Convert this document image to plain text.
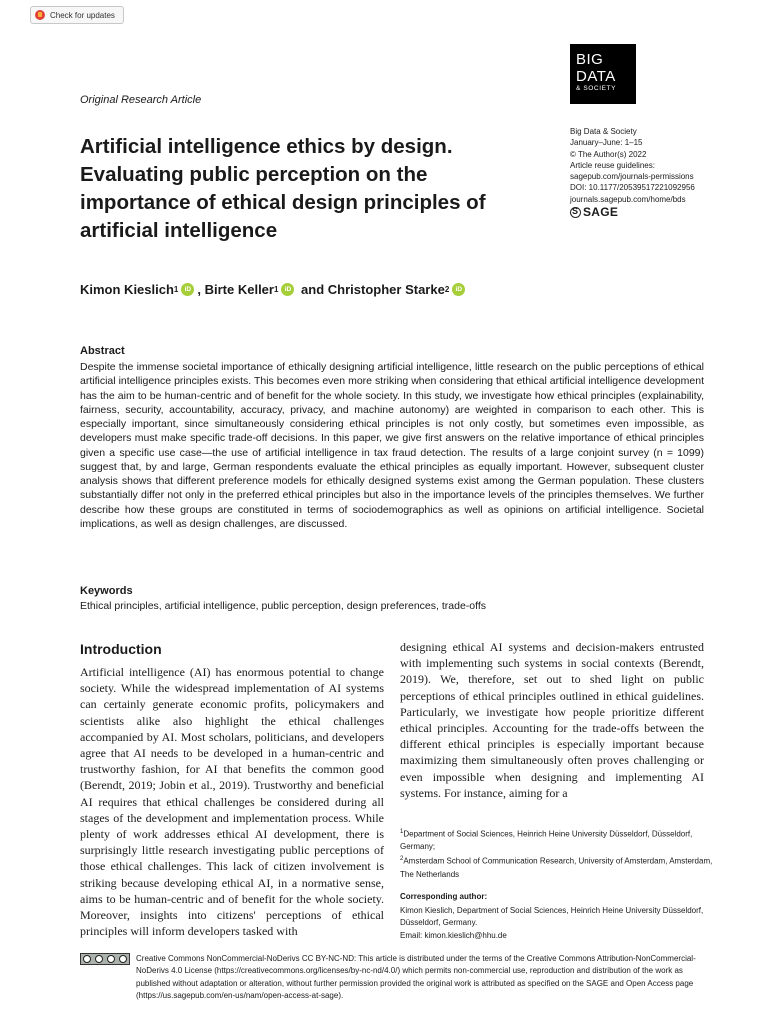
Check for updates
BIG
DATA
& SOCIETY
Original Research Article
Big Data & Society
January–June: 1–15
© The Author(s) 2022
Article reuse guidelines:
sagepub.com/journals-permissions
DOI: 10.1177/20539517221092956
journals.sagepub.com/home/bds
S
SAGE
Artificial intelligence ethics by design. Evaluating public perception on the importance of ethical design principles of artificial intelligence
Kimon Kieslich 1 iD , Birte Keller 1 iD and Christopher Starke 2 iD
Abstract

Despite the immense societal importance of ethically designing artificial intelligence, little research on the public perceptions of ethical artificial intelligence principles exists. This becomes even more striking when considering that ethical artificial intelligence development has the aim to be human-centric and of benefit for the whole society. In this study, we investigate how ethical principles (explainability, fairness, security, accountability, accuracy, privacy, and machine autonomy) are weighted in comparison to each other. This is especially important, since simultaneously considering ethical principles is not only costly, but sometimes even impossible, as developers must make specific trade-off decisions. In this paper, we give first answers on the relative importance of ethical principles given a specific use case—the use of artificial intelligence in tax fraud detection. The results of a large conjoint survey (n = 1099) suggest that, by and large, German respondents evaluate the ethical principles as equally important. However, subsequent cluster analysis shows that different preference models for ethically designed systems exist among the German population. These clusters substantially differ not only in the preferred ethical principles but also in the importance levels of the principles themselves. We further describe how these groups are constituted in terms of sociodemographics as well as opinions on artificial intelligence. Societal implications, as well as design challenges, are discussed.

Keywords
Ethical principles, artificial intelligence, public perception, design preferences, trade-offs
Introduction

Artificial intelligence (AI) has enormous potential to change society. While the widespread implementation of AI systems can certainly generate economic profits, policymakers and scientists alike also highlight the ethical challenges accompanied by AI. Most scholars, politicians, and developers agree that AI needs to be developed in a human-centric and trustworthy fashion, for AI that benefits the common good (Berendt, 2019; Jobin et al., 2019). Trustworthy and beneficial AI requires that ethical challenges be considered during all stages of the development and implementation process. While plenty of work addresses ethical AI development, there is surprisingly little research investigating public perceptions of those ethical challenges. This lack of citizen involvement is striking because developing ethical AI, in a normative sense, aims to be human-centric and of benefit for the whole society. Moreover, insights into citizens' perceptions of ethical principles will inform developers tasked with

designing ethical AI systems and decision-makers entrusted with implementing such systems in social contexts (Berendt, 2019). We, therefore, set out to shed light on public perceptions of ethical principles outlined in ethical guidelines. Particularly, we investigate how people prioritize different ethical principles. Accounting for the trade-offs between the different ethical principles is especially important because maximizing them simultaneously often proves challenging or even impossible when designing and implementing AI systems. For instance, aiming for a

$^1$Department of Social Sciences, Heinrich Heine University Düsseldorf, Düsseldorf, Germany;
$^2$Amsterdam School of Communication Research, University of Amsterdam, Amsterdam, The Netherlands
Corresponding author:
Kimon Kieslich, Department of Social Sciences, Heinrich Heine University Düsseldorf, Düsseldorf, Germany.
Email: kimon.kieslich@hhu.de
Creative Commons NonCommercial-NoDerivs CC BY-NC-ND: This article is distributed under the terms of the Creative Commons Attribution-NonCommercial-NoDerivs 4.0 License (https://creativecommons.org/licenses/by-nc-nd/4.0/) which permits non-commercial use, reproduction and distribution of the work as published without adaptation or alteration, without further permission provided the original work is attributed as specified on the SAGE and Open Access page (https://us.sagepub.com/en-us/nam/open-access-at-sage).
